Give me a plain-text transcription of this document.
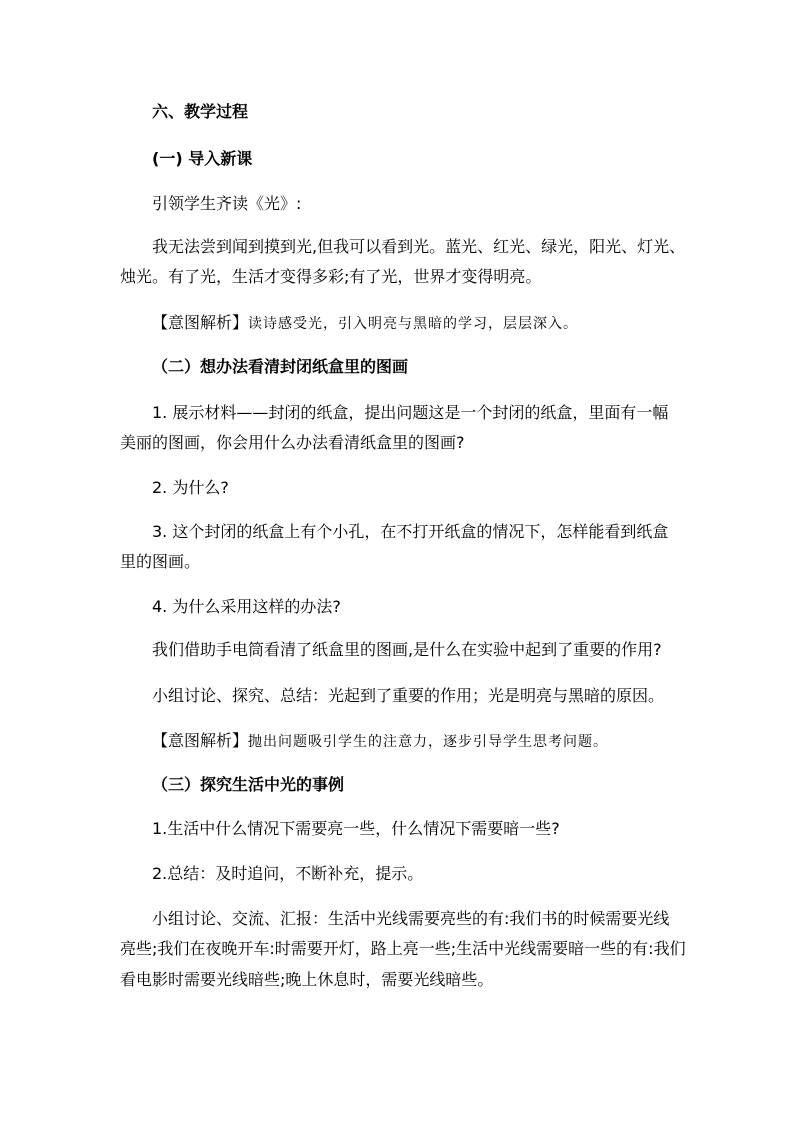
六、教学过程

(一) 导入新课

引领学生齐读《光》:

我无法尝到闻到摸到光,但我可以看到光。蓝光、红光、绿光，阳光、灯光、

烛光。有了光，生活才变得多彩;有了光，世界才变得明亮。

【意图解析】读诗感受光，引入明亮与黑暗的学习，层层深入。

（二）想办法看清封闭纸盒里的图画

1. 展示材料——封闭的纸盒，提出问题这是一个封闭的纸盒，里面有一幅

美丽的图画，你会用什么办法看清纸盒里的图画?

2. 为什么?

3. 这个封闭的纸盒上有个小孔，在不打开纸盒的情况下，怎样能看到纸盒

里的图画。

4. 为什么采用这样的办法?

我们借助手电筒看清了纸盒里的图画,是什么在实验中起到了重要的作用?

小组讨论、探究、总结：光起到了重要的作用；光是明亮与黑暗的原因。

【意图解析】抛出问题吸引学生的注意力，逐步引导学生思考问题。

（三）探究生活中光的事例

1.生活中什么情况下需要亮一些，什么情况下需要暗一些?

2.总结：及时追问，不断补充，提示。

小组讨论、交流、汇报：生活中光线需要亮些的有:我们书的时候需要光线

亮些;我们在夜晚开车:时需要开灯，路上亮一些;生活中光线需要暗一些的有:我们

看电影时需要光线暗些;晚上休息时，需要光线暗些。
